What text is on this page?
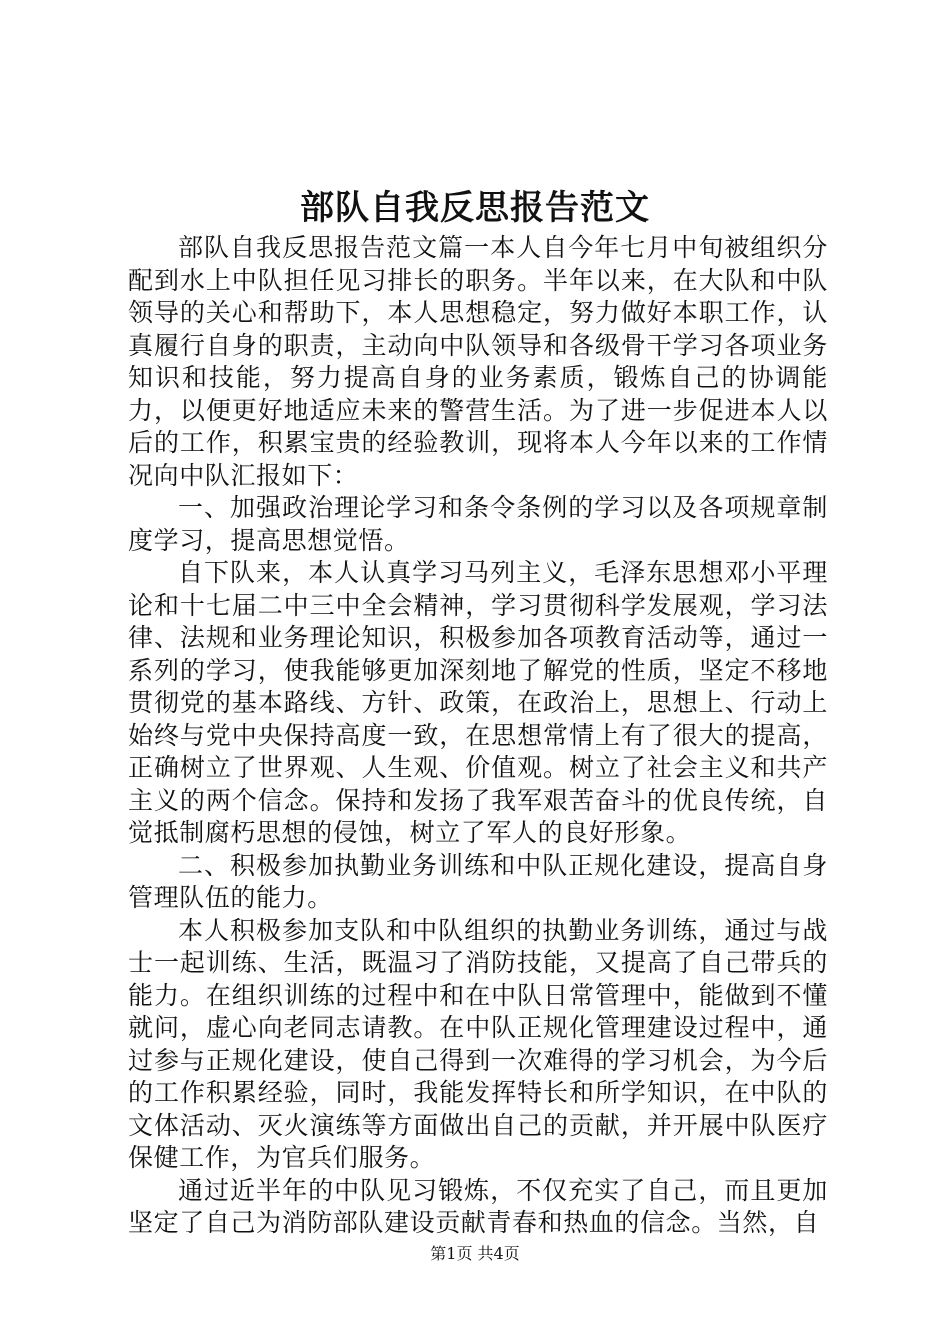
部队自我反思报告范文

部队自我反思报告范文篇一本人自今年七月中旬被组织分配到水上中队担任见习排长的职务。半年以来，在大队和中队领导的关心和帮助下，本人思想稳定，努力做好本职工作，认真履行自身的职责，主动向中队领导和各级骨干学习各项业务知识和技能，努力提高自身的业务素质，锻炼自己的协调能力，以便更好地适应未来的警营生活。为了进一步促进本人以后的工作，积累宝贵的经验教训，现将本人今年以来的工作情况向中队汇报如下：

一、加强政治理论学习和条令条例的学习以及各项规章制度学习，提高思想觉悟。

自下队来，本人认真学习马列主义，毛泽东思想邓小平理论和十七届二中三中全会精神，学习贯彻科学发展观，学习法律、法规和业务理论知识，积极参加各项教育活动等，通过一系列的学习，使我能够更加深刻地了解党的性质，坚定不移地贯彻党的基本路线、方针、政策，在政治上，思想上、行动上始终与党中央保持高度一致，在思想常情上有了很大的提高，正确树立了世界观、人生观、价值观。树立了社会主义和共产主义的两个信念。保持和发扬了我军艰苦奋斗的优良传统，自觉抵制腐朽思想的侵蚀，树立了军人的良好形象。

二、积极参加执勤业务训练和中队正规化建设，提高自身管理队伍的能力。

本人积极参加支队和中队组织的执勤业务训练，通过与战士一起训练、生活，既温习了消防技能，又提高了自己带兵的能力。在组织训练的过程中和在中队日常管理中，能做到不懂就问，虚心向老同志请教。在中队正规化管理建设过程中，通过参与正规化建设，使自己得到一次难得的学习机会，为今后的工作积累经验，同时，我能发挥特长和所学知识，在中队的文体活动、灭火演练等方面做出自己的贡献，并开展中队医疗保健工作，为官兵们服务。

通过近半年的中队见习锻炼，不仅充实了自己，而且更加坚定了自己为消防部队建设贡献青春和热血的信念。当然，自

第1页 共4页
